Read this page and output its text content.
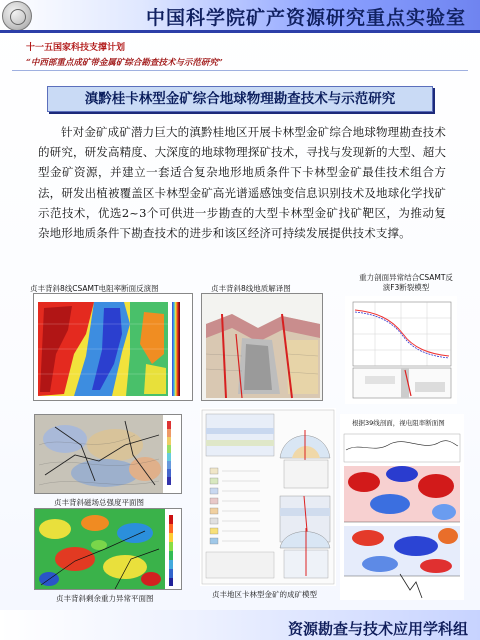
中国科学院矿产资源研究重点实验室
十一五国家科技支撑计划
“中西部重点成矿带金属矿综合勘查技术与示范研究”
滇黔桂卡林型金矿综合地球物理勘查技术与示范研究
针对金矿成矿潜力巨大的滇黔桂地区开展卡林型金矿综合地球物理勘查技术的研究，研发高精度、大深度的地球物理探矿技术，寻找与发现新的大型、超大型金矿资源，并建立一套适合复杂地形地质条件下卡林型金矿最佳技术组合方法，研发出植被覆盖区卡林型金矿高光谱遥感蚀变信息识别技术及地球化学找矿示范技术，优选2~3个可供进一步勘查的大型卡林型金矿找矿靶区，为推动复杂地形地质条件下勘查技术的进步和该区经济可持续发展提供技术支撑。
贞丰背斜8线CSAMT电阻率断面反演图	贞丰背斜8线地质解译图
重力剖面异常结合CSAMT反演F3断裂模型
贞丰背斜磁场总强度平面图
贞丰背斜剩余重力异常平面图	贞丰地区卡林型金矿的成矿模型
根据39线剖面，视电阻率断面图
资源勘查与技术应用学科组
